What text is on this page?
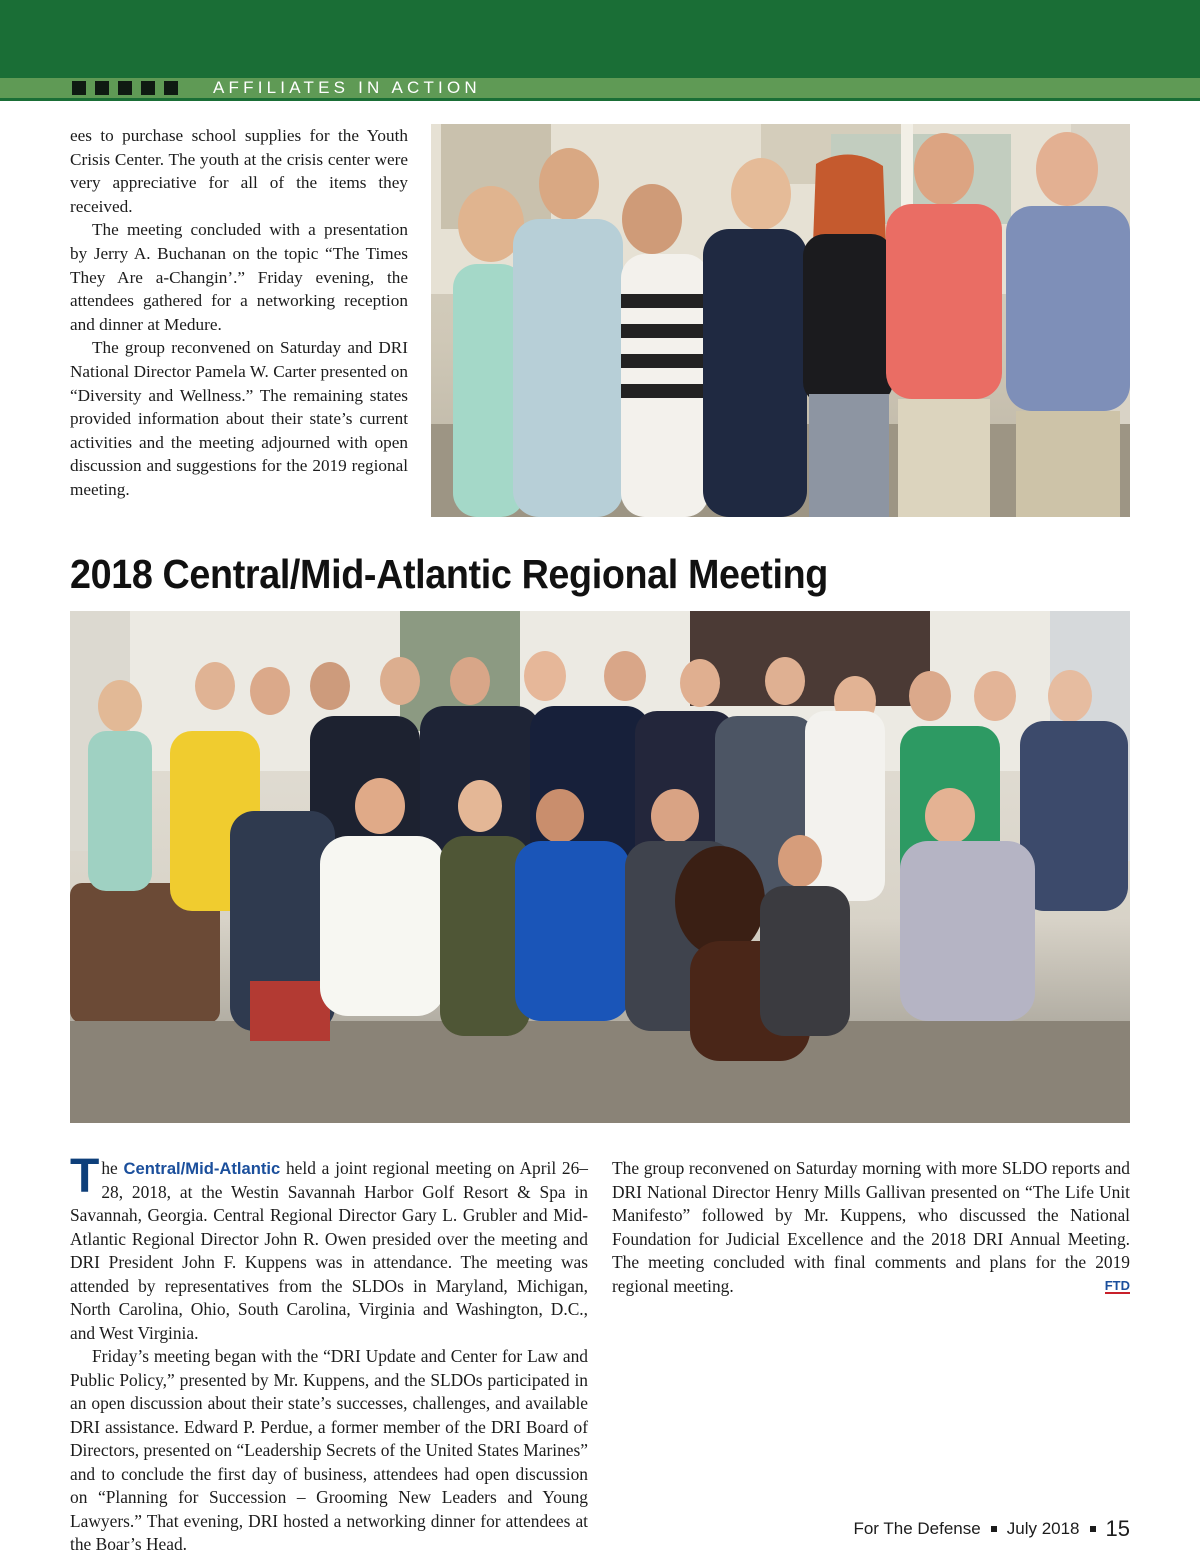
AFFILIATES IN ACTION

ees to purchase school supplies for the Youth Crisis Center. The youth at the crisis center were very appreciative for all of the items they received.

The meeting concluded with a presentation by Jerry A. Buchanan on the topic “The Times They Are a-Changin’.” Friday evening, the attendees gathered for a networking reception and dinner at Medure.

The group reconvened on Saturday and DRI National Director Pamela W. Carter presented on “Diversity and Wellness.” The remaining states provided information about their state’s current activities and the meeting adjourned with open discussion and suggestions for the 2019 regional meeting.

2018 Central/Mid-Atlantic Regional Meeting

The Central/Mid-Atlantic held a joint regional meeting on April 26–28, 2018, at the Westin Savannah Harbor Golf Resort & Spa in Savannah, Georgia. Central Regional Director Gary L. Grubler and Mid-Atlantic Regional Director John R. Owen presided over the meeting and DRI President John F. Kuppens was in attendance. The meeting was attended by representatives from the SLDOs in Maryland, Michigan, North Carolina, Ohio, South Carolina, Virginia and Washington, D.C., and West Virginia.

Friday’s meeting began with the “DRI Update and Center for Law and Public Policy,” presented by Mr. Kuppens, and the SLDOs participated in an open discussion about their state’s successes, challenges, and available DRI assistance. Edward P. Perdue, a former member of the DRI Board of Directors, presented on “Leadership Secrets of the United States Marines” and to conclude the first day of business, attendees had open discussion on “Planning for Succession – Grooming New Leaders and Young Lawyers.” That evening, DRI hosted a networking dinner for attendees at the Boar’s Head.

The group reconvened on Saturday morning with more SLDO reports and DRI National Director Henry Mills Gallivan presented on “The Life Unit Manifesto” followed by Mr. Kuppens, who discussed the National Foundation for Judicial Excellence and the 2018 DRI Annual Meeting. The meeting concluded with final comments and plans for the 2019 regional meeting.	FTD

For The Defense July 2018 15
